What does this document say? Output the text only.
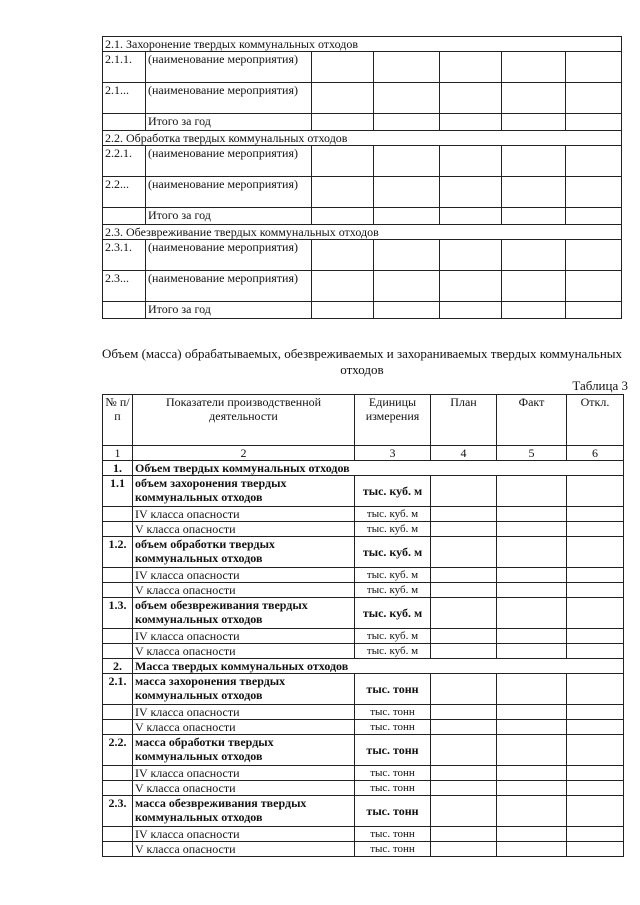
2.1. Захоронение твердых коммунальных отходов						
2.1.1.	(наименование мероприятия)					
2.1...	(наименование мероприятия)					
	Итого за год					
2.2. Обработка твердых коммунальных отходов						
2.2.1.	(наименование мероприятия)					
2.2...	(наименование мероприятия)					
	Итого за год					
2.3. Обезвреживание твердых коммунальных отходов						
2.3.1.	(наименование мероприятия)					
2.3...	(наименование мероприятия)					
	Итого за год					
Объем (масса) обрабатываемых, обезвреживаемых и захораниваемых твердых коммунальных отходов
Таблица 3
№ п/п	Показатели производственной деятельности	Единицы измерения	План	Факт	Откл.
1	2	3	4	5	6
1.	Объем твердых коммунальных отходов				
1.1	объем захоронения твердых коммунальных отходов	тыс. куб. м			
	IV класса опасности	тыс. куб. м			
	V класса опасности	тыс. куб. м			
1.2.	объем обработки твердых коммунальных отходов	тыс. куб. м			
	IV класса опасности	тыс. куб. м			
	V класса опасности	тыс. куб. м			
1.3.	объем обезвреживания твердых коммунальных отходов	тыс. куб. м			
	IV класса опасности	тыс. куб. м			
	V класса опасности	тыс. куб. м			
2.	Масса твердых коммунальных отходов				
2.1.	масса захоронения твердых коммунальных отходов	тыс. тонн			
	IV класса опасности	тыс. тонн			
	V класса опасности	тыс. тонн			
2.2.	масса обработки твердых коммунальных отходов	тыс. тонн			
	IV класса опасности	тыс. тонн			
	V класса опасности	тыс. тонн			
2.3.	масса обезвреживания твердых коммунальных отходов	тыс. тонн			
	IV класса опасности	тыс. тонн			
	V класса опасности	тыс. тонн			
